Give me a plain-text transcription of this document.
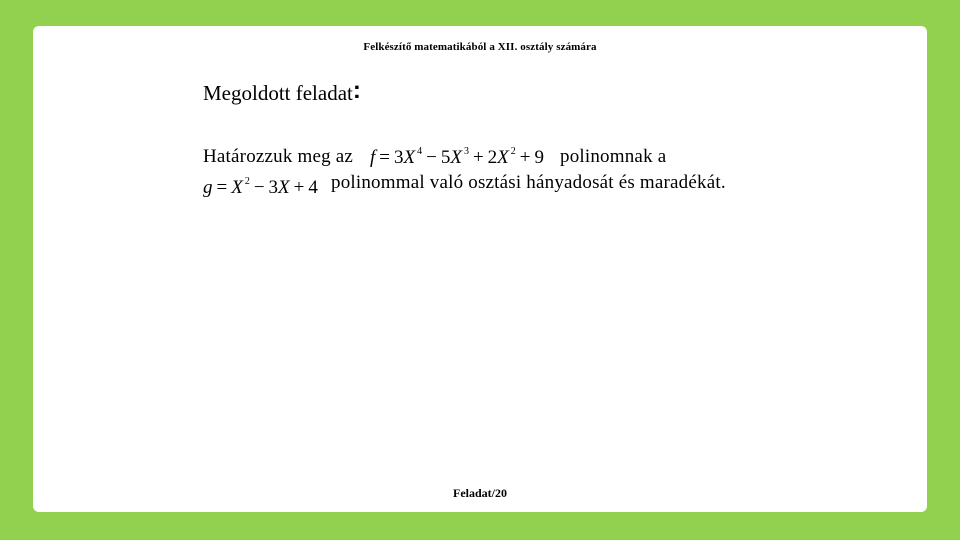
Felkészítő matematikából a XII. osztály számára
Megoldott feladat:
Határozzuk meg az f = 3X $^4$ − 5X $^3$ + 2X $^2$ + 9 polinomnak a
g = X $^2$ − 3X + 4 polinommal való osztási hányadosát és maradékát.
Feladat/20
